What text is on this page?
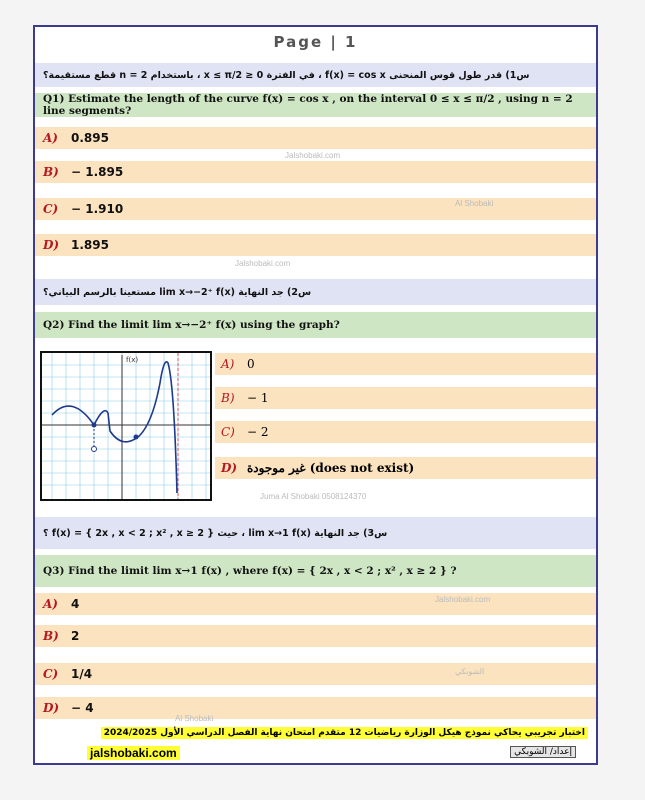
Page | 1
س1) قدر طول قوس المنحنى f(x) = cos x ، في الفترة 0 ≤ x ≤ π/2 ، باستخدام n = 2 قطع مستقيمة؟
Q1) Estimate the length of the curve f(x) = cos x , on the interval 0 ≤ x ≤ π/2 , using n = 2 line segments?
A)	0.895
B)	− 1.895
C)	− 1.910
D) 1.895
س2) جد النهاية lim x→−2⁺ f(x) مستعينا بالرسم البياني؟
Q2) Find the limit lim x→−2⁺ f(x) using the graph?
f(x)	A)	0
B)	− 1
C)	− 2
D) غير موجودة (does not exist)
Juma Al Shobaki 0508124370
س3) جد النهاية lim x→1 f(x) ، حيث f(x) = { 2x , x < 2 ; x² , x ≥ 2 } ؟
Q3) Find the limit lim x→1 f(x) , where f(x) = { 2x , x < 2 ; x² , x ≥ 2 } ?
A)	4
B)	2
C)	1/4
D) − 4
Jalshobaki.com
Al Shobaki
Jalshobaki.com
Jalshobaki.com
الشوبكي
Al Shobaki
اختبار تجريبي يحاكي نموذج هيكل الوزارة رياضيات 12 متقدم امتحان نهاية الفصل الدراسي الأول 2024/2025
jalshobaki.com	إعداد/ الشوبكي
